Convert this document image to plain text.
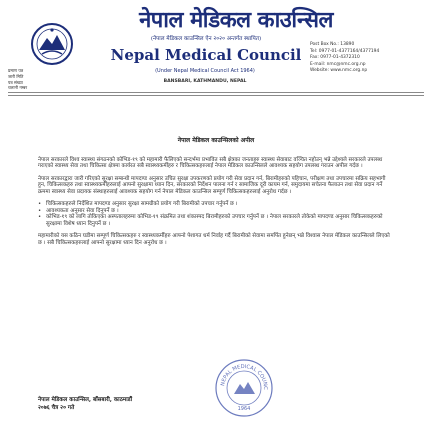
प्रमाण पत्र
जारी मिति
पत्र संख्या
चलानी नम्बर
नेपाल मेडिकल काउन्सिल
(नेपाल मेडिकल काउन्सिल ऐन २०२० अन्तर्गत स्थापित)
Nepal Medical Council
(Under Nepal Medical Council Act 1964)
BANSBARI, KATHMANDU, NEPAL
Post Box No.: 13890
Tel: 0977-01-4377164/4377194
Fax: 0977-01-4372310
E-mail: nmc@nmc.org.np
Website: www.nmc.org.np
नेपाल मेडिकल काउन्सिलको अपील

नेपाल सरकारले विश्व स्वास्थ्य संगठनको कोभिड-१९ को महामारी फैलिएको सन्दर्भमा प्रभावित सबै क्षेत्रका जनताहरु स्वास्थ्य सेवाबाट वञ्चित नहोउन् भन्ने उद्देश्यले सरकारले उपलब्ध गराएको स्वास्थ्य सेवा तथा चिकित्सा क्षेत्रमा कार्यरत सबै स्वास्थ्यकर्मीहरु र चिकित्सकहरुलाई नेपाल मेडिकल काउन्सिलले आवश्यक सहयोग उपलब्ध गराउन अपील गर्दछ ।

नेपाल सरकारद्वारा जारी गरिएको सुरक्षा सम्बन्धी मापदण्ड अनुसार उचित सुरक्षा उपकरणको प्रयोग गरी सेवा प्रदान गर्न, बिरामीहरुको पहिचान, परीक्षण तथा उपचारमा सक्रिय सहभागी हुन, चिकित्सकहरु तथा स्वास्थ्यकर्मीहरुलाई आफ्नो सुरक्षामा ध्यान दिन, सरकारको निर्देशन पालना गर्न र सामाजिक दूरी कायम गर्न, समुदायमा सचेतना फैलाउन तथा सेवा प्रदान गर्ने क्रममा स्वास्थ्य सेवा प्रदायक संस्थाहरुलाई आवश्यक सहयोग गर्न नेपाल मेडिकल काउन्सिल सम्पूर्ण चिकित्सकहरुलाई अनुरोध गर्दछ ।

• चिकित्सकहरुले निर्देशित मापदण्ड अनुसार सुरक्षा सामग्रीको प्रयोग गरी बिरामीको उपचार गर्नुपर्ने छ ।
• आवश्यकता अनुसार सेवा दिनुपर्ने छ ।
• कोभिड-१९ को लागि तोकिएका अस्पतालहरुमा कोभिड-१९ संक्रमित तथा शंकास्पद बिरामीहरुको उपचार गर्नुपर्ने छ । नेपाल सरकारले तोकेको मापदण्ड अनुसार चिकित्सकहरुको सुरक्षामा विशेष ध्यान दिनुपर्ने छ ।

महामारीको यस कठिन घडीमा सम्पूर्ण चिकित्सकहरु र स्वास्थ्यकर्मीहरु आफ्नो पेशागत धर्म निर्वाह गर्दै बिरामीको सेवामा समर्पित हुनेछन् भन्ने विश्वास नेपाल मेडिकल काउन्सिलले लिएको छ । सबै चिकित्सकहरुलाई आफ्नो सुरक्षामा ध्यान दिन अनुरोध छ ।

नेपाल मेडिकल काउन्सिल, बाँसबारी, काठमाडौं
२०७६ चैत्र २० गते
NEPAL MEDICAL COUNC
1964
